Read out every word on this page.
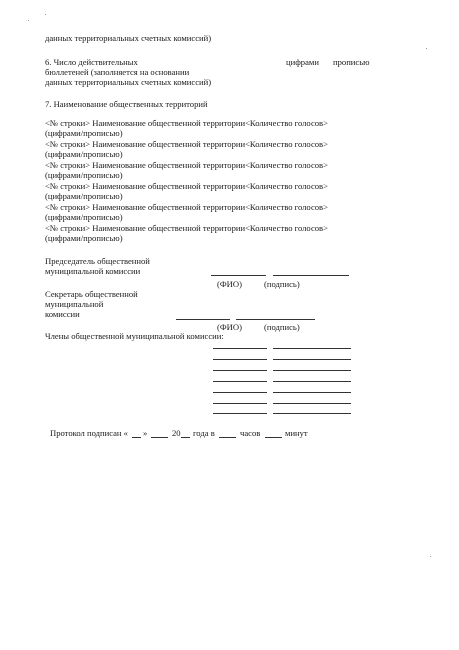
данных территориальных счетных комиссий)
6. Число действительных	цифрами прописью
бюллетеней (заполняется на основании
данных территориальных счетных комиссий)
7. Наименование общественных территорий
<№ строки> Наименование общественной территории<Количество голосов>
(цифрами/прописью)
<№ строки> Наименование общественной территории<Количество голосов>
(цифрами/прописью)
<№ строки> Наименование общественной территории<Количество голосов>
(цифрами/прописью)
<№ строки> Наименование общественной территории<Количество голосов>
(цифрами/прописью)
<№ строки> Наименование общественной территории<Количество голосов>
(цифрами/прописью)
<№ строки> Наименование общественной территории<Количество голосов>
(цифрами/прописью)
Председатель общественной
муниципальной комиссии
(ФИО)	(подпись)
Секретарь общественной
муниципальной
комиссии
(ФИО)	(подпись)
Члены общественной муниципальной комиссии:
Протокол подписан « »	20 года в	часов	минут
